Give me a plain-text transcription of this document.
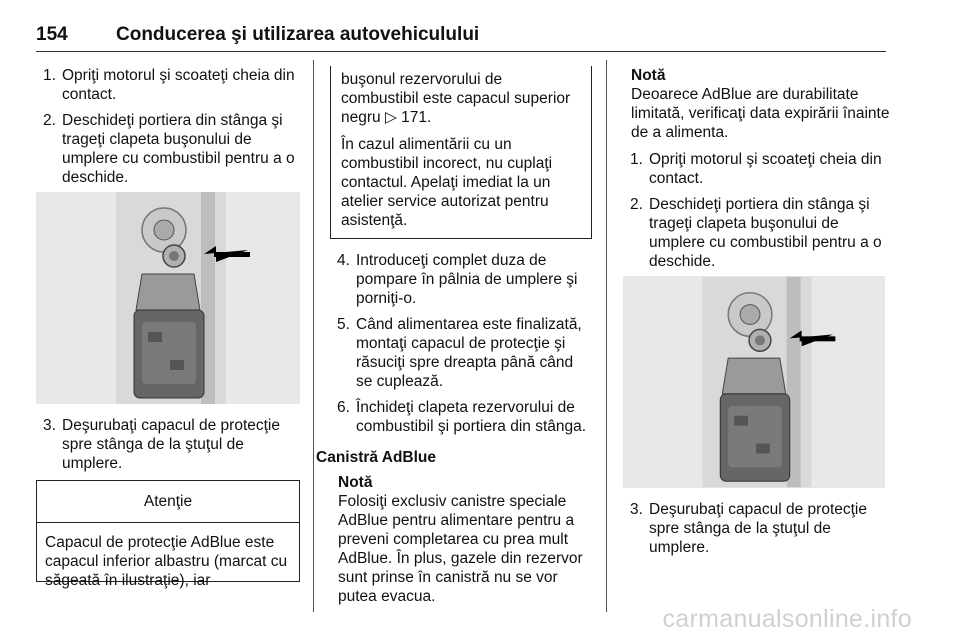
154	Conducerea şi utilizarea autovehiculului
1. Opriţi motorul şi scoateţi cheia din contact.
2. Deschideţi portiera din stânga şi trageţi clapeta buşonului de umplere cu combustibil pentru a o deschide.
3. Deşurubaţi capacul de protecţie spre stânga de la ştuţul de umplere.
Atenţie
Capacul de protecţie AdBlue este capacul inferior albastru (marcat cu săgeată în ilustraţie), iar

buşonul rezervorului de combustibil este capacul superior negru ▷ 171.

În cazul alimentării cu un combustibil incorect, nu cuplaţi contactul. Apelaţi imediat la un atelier service autorizat pentru asistenţă.

4. Introduceţi complet duza de pompare în pâlnia de umplere şi porniţi-o.
5. Când alimentarea este finalizată, montaţi capacul de protecţie şi răsuciţi spre dreapta până când se cuplează.
6. Închideţi clapeta rezervorului de combustibil şi portiera din stânga.
Canistră AdBlue
Notă
Folosiţi exclusiv canistre speciale AdBlue pentru alimentare pentru a preveni completarea cu prea mult AdBlue. În plus, gazele din rezervor sunt prinse în canistră nu se vor putea evacua.
Notă
Deoarece AdBlue are durabilitate limitată, verificaţi data expirării înainte de a alimenta.
1. Opriţi motorul şi scoateţi cheia din contact.
2. Deschideţi portiera din stânga şi trageţi clapeta buşonului de umplere cu combustibil pentru a o deschide.
3. Deşurubaţi capacul de protecţie spre stânga de la ştuţul de umplere.
carmanualsonline.info
